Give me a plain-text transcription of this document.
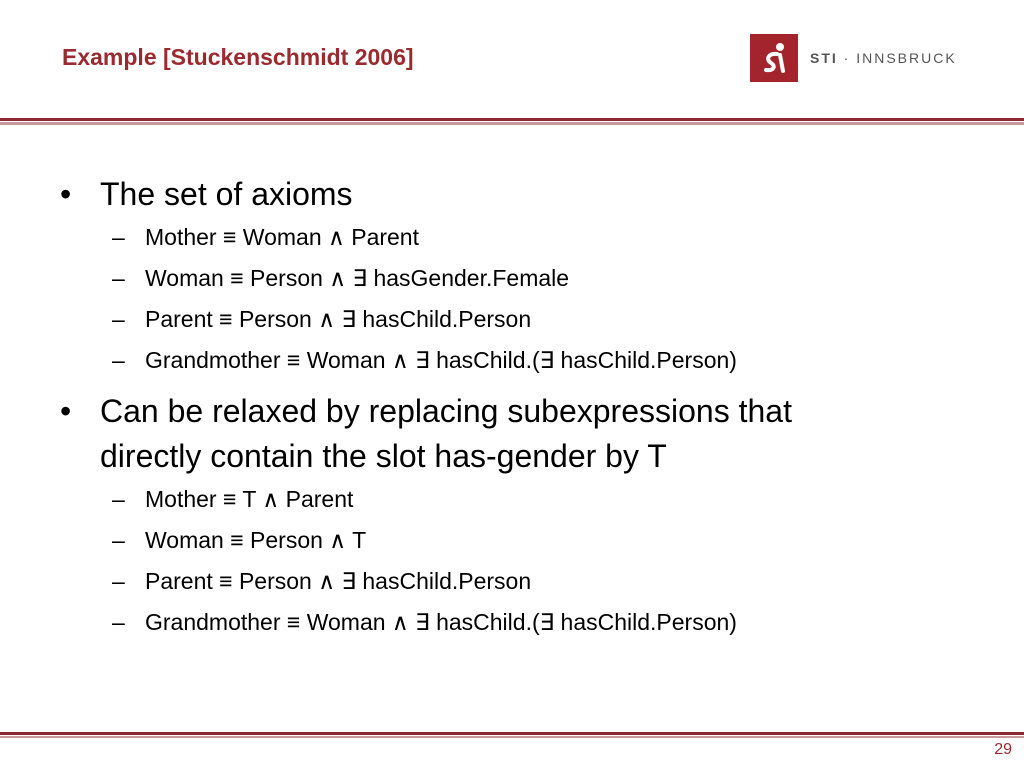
Example [Stuckenschmidt 2006]	STI · INNSBRUCK
• The set of axioms
– Mother ≡ Woman ∧ Parent
– Woman ≡ Person ∧ ∃ hasGender.Female
– Parent ≡ Person ∧ ∃ hasChild.Person
– Grandmother ≡ Woman ∧ ∃ hasChild.(∃ hasChild.Person)
• Can be relaxed by replacing subexpressions that directly contain the slot has-gender by T
– Mother ≡ T ∧ Parent
– Woman ≡ Person ∧ T
– Parent ≡ Person ∧ ∃ hasChild.Person
– Grandmother ≡ Woman ∧ ∃ hasChild.(∃ hasChild.Person)
29
